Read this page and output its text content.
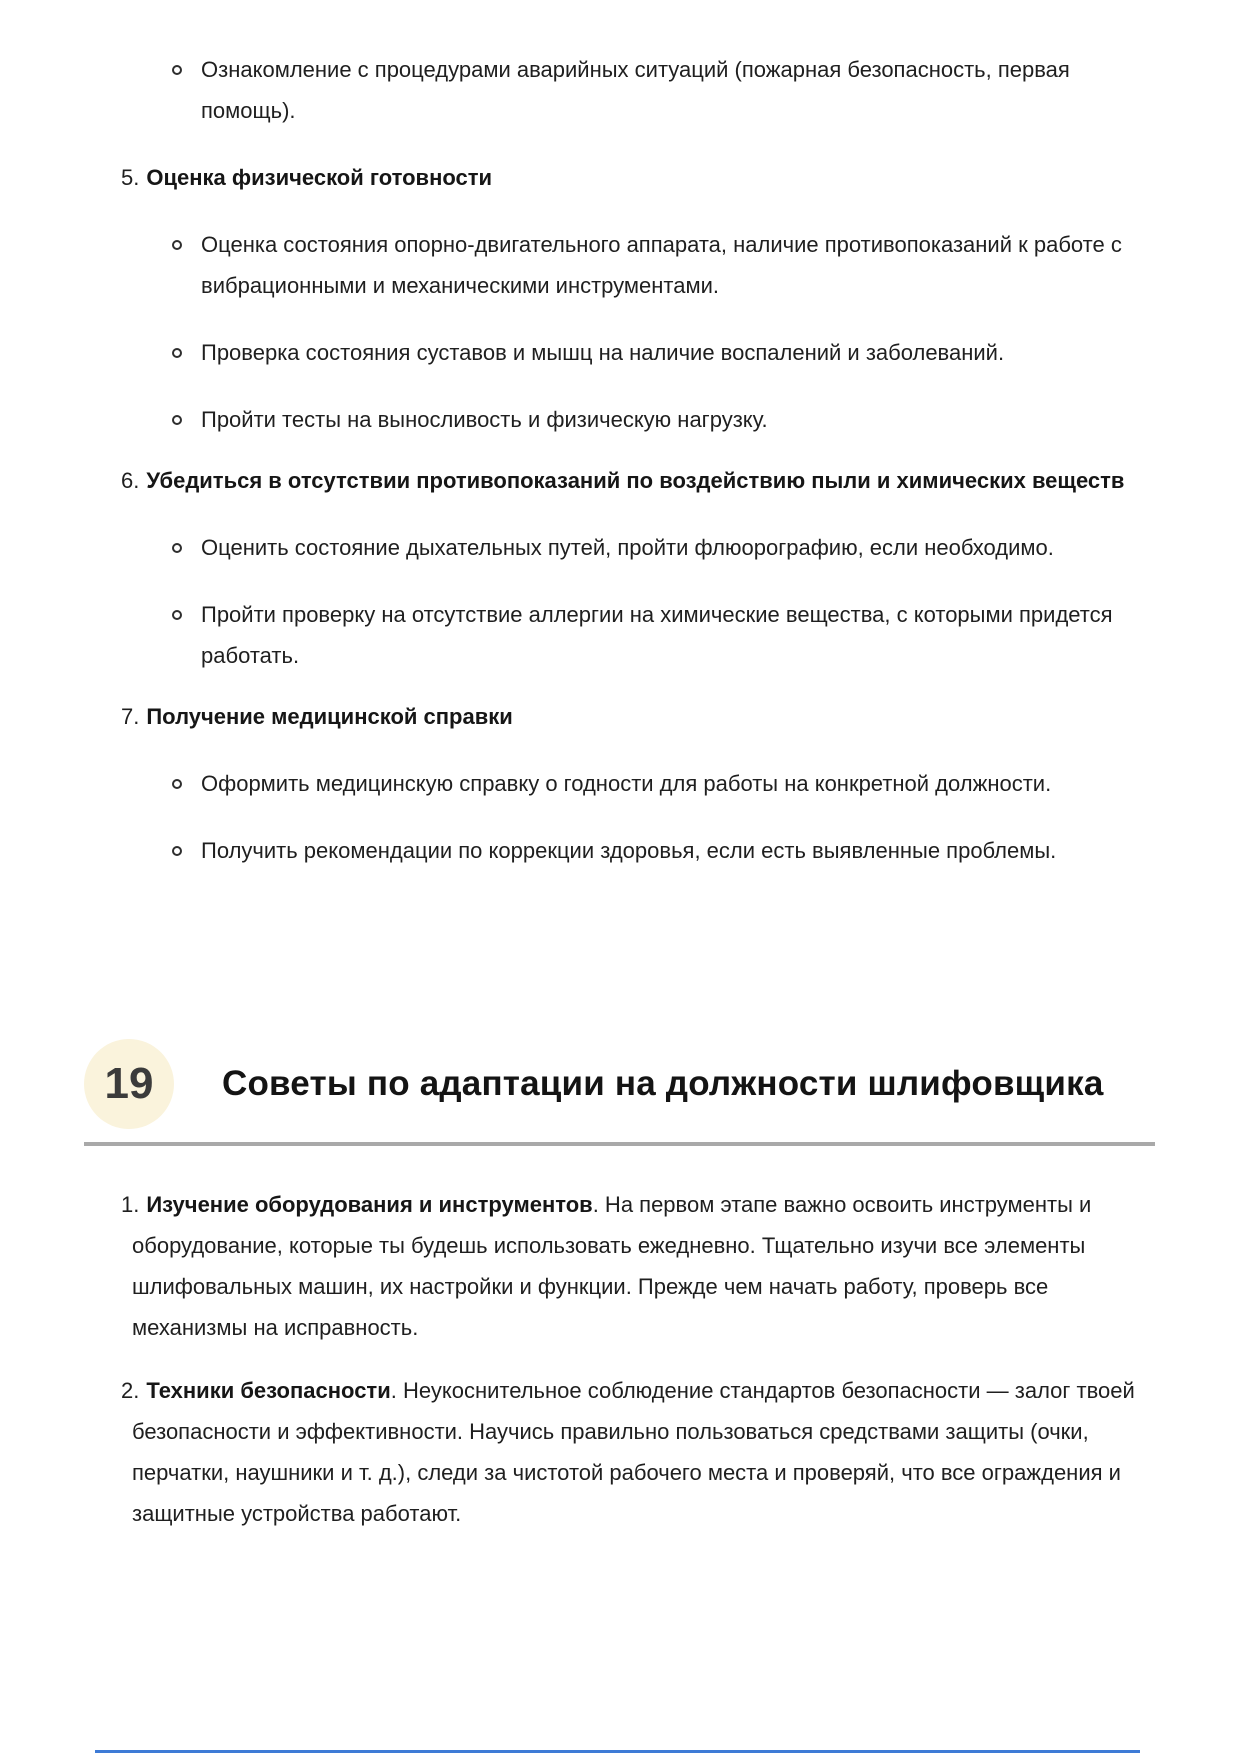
Ознакомление с процедурами аварийных ситуаций (пожарная безопасность, первая помощь).

5. Оценка физической готовности

Оценка состояния опорно-двигательного аппарата, наличие противопоказаний к работе с вибрационными и механическими инструментами.

Проверка состояния суставов и мышц на наличие воспалений и заболеваний.

Пройти тесты на выносливость и физическую нагрузку.

6. Убедиться в отсутствии противопоказаний по воздействию пыли и химических веществ

Оценить состояние дыхательных путей, пройти флюорографию, если необходимо.

Пройти проверку на отсутствие аллергии на химические вещества, с которыми придется работать.

7. Получение медицинской справки

Оформить медицинскую справку о годности для работы на конкретной должности.

Получить рекомендации по коррекции здоровья, если есть выявленные проблемы.

19	Советы по адаптации на должности шлифовщика
1. Изучение оборудования и инструментов. На первом этапе важно освоить инструменты и оборудование, которые ты будешь использовать ежедневно. Тщательно изучи все элементы шлифовальных машин, их настройки и функции. Прежде чем начать работу, проверь все механизмы на исправность.
2. Техники безопасности. Неукоснительное соблюдение стандартов безопасности — залог твоей безопасности и эффективности. Научись правильно пользоваться средствами защиты (очки, перчатки, наушники и т. д.), следи за чистотой рабочего места и проверяй, что все ограждения и защитные устройства работают.
